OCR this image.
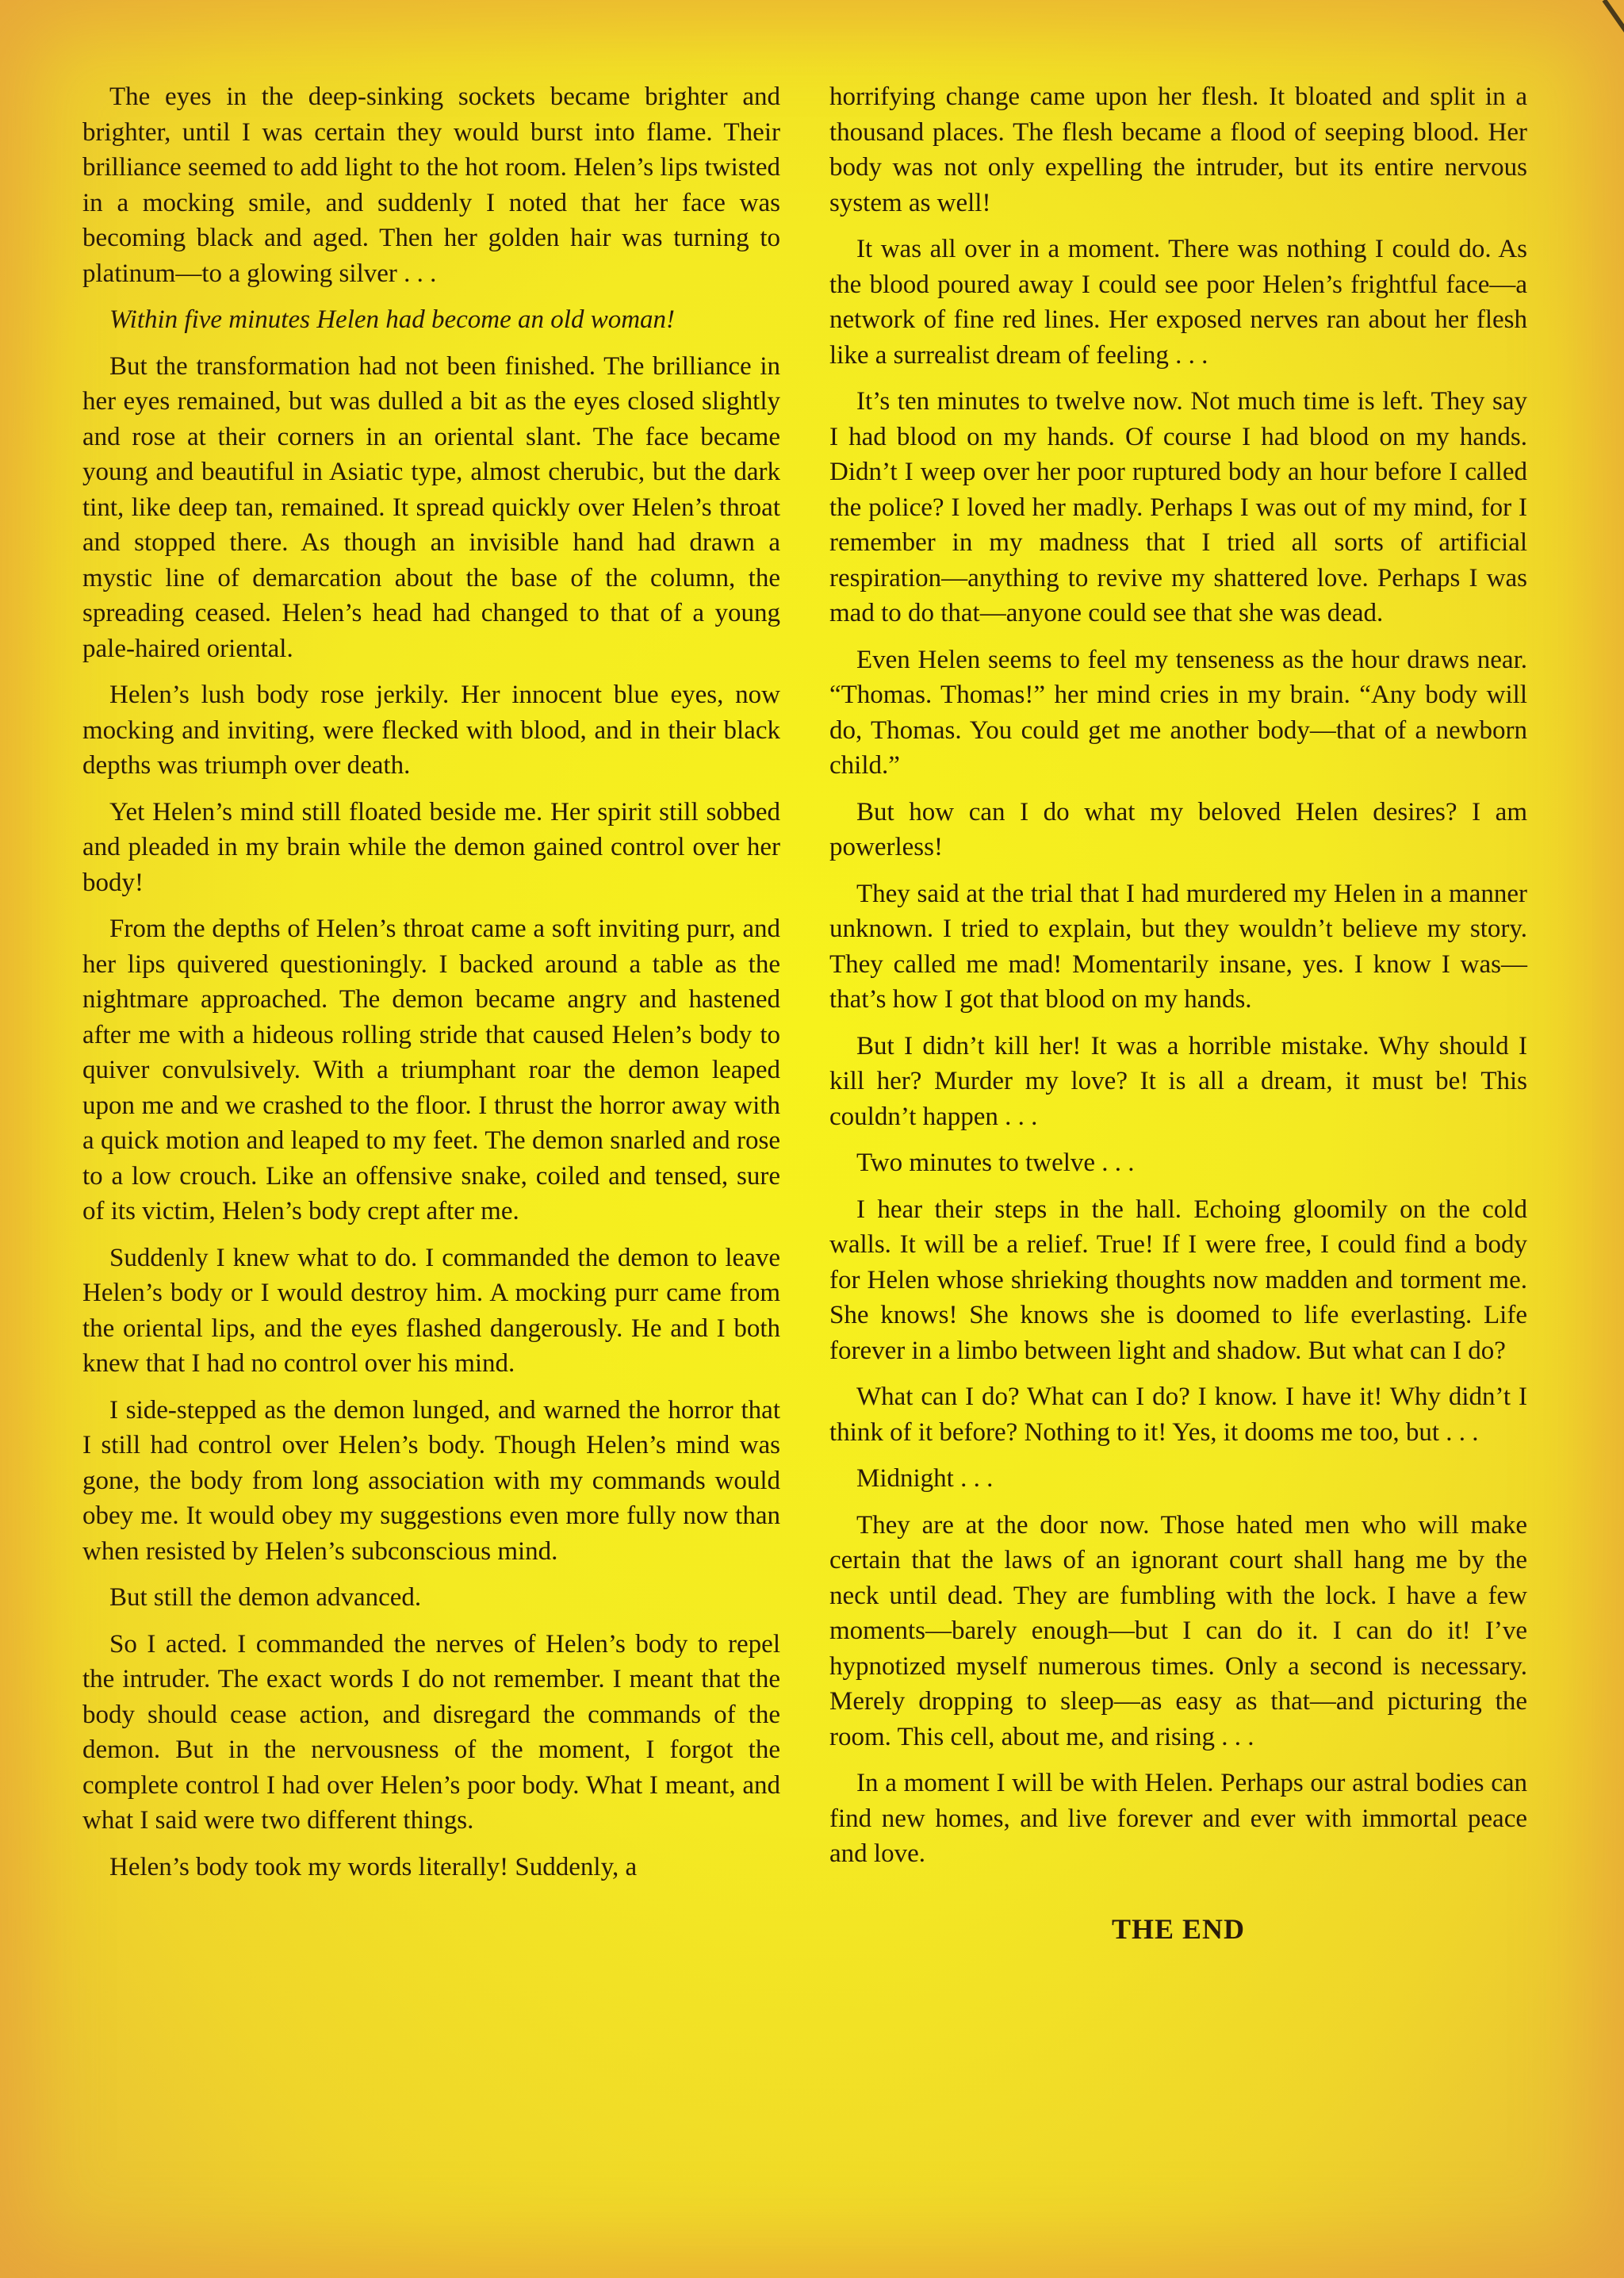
The eyes in the deep-sinking sockets became brighter and brighter, until I was certain they would burst into flame. Their brilliance seemed to add light to the hot room. Helen’s lips twisted in a mocking smile, and suddenly I noted that her face was becoming black and aged. Then her golden hair was turning to platinum—to a glowing silver . . .

Within five minutes Helen had become an old woman!

But the transformation had not been finished. The brilliance in her eyes remained, but was dulled a bit as the eyes closed slightly and rose at their corners in an oriental slant. The face became young and beautiful in Asiatic type, almost cherubic, but the dark tint, like deep tan, remained. It spread quickly over Helen’s throat and stopped there. As though an invisible hand had drawn a mystic line of demarcation about the base of the column, the spreading ceased. Helen’s head had changed to that of a young pale-haired oriental.

Helen’s lush body rose jerkily. Her innocent blue eyes, now mocking and inviting, were flecked with blood, and in their black depths was triumph over death.

Yet Helen’s mind still floated beside me. Her spirit still sobbed and pleaded in my brain while the demon gained control over her body!

From the depths of Helen’s throat came a soft inviting purr, and her lips quivered questioningly. I backed around a table as the nightmare approached. The demon became angry and hastened after me with a hideous rolling stride that caused Helen’s body to quiver convulsively. With a triumphant roar the demon leaped upon me and we crashed to the floor. I thrust the horror away with a quick motion and leaped to my feet. The demon snarled and rose to a low crouch. Like an offensive snake, coiled and tensed, sure of its victim, Helen’s body crept after me.

Suddenly I knew what to do. I commanded the demon to leave Helen’s body or I would destroy him. A mocking purr came from the oriental lips, and the eyes flashed dangerously. He and I both knew that I had no control over his mind.

I side-stepped as the demon lunged, and warned the horror that I still had control over Helen’s body. Though Helen’s mind was gone, the body from long association with my commands would obey me. It would obey my suggestions even more fully now than when resisted by Helen’s subconscious mind.

But still the demon advanced.

So I acted. I commanded the nerves of Helen’s body to repel the intruder. The exact words I do not remember. I meant that the body should cease action, and disregard the commands of the demon. But in the nervousness of the moment, I forgot the complete control I had over Helen’s poor body. What I meant, and what I said were two different things.

Helen’s body took my words literally! Suddenly, a

horrifying change came upon her flesh. It bloated and split in a thousand places. The flesh became a flood of seeping blood. Her body was not only expelling the intruder, but its entire nervous system as well!

It was all over in a moment. There was nothing I could do. As the blood poured away I could see poor Helen’s frightful face—a network of fine red lines. Her exposed nerves ran about her flesh like a surrealist dream of feeling . . .

It’s ten minutes to twelve now. Not much time is left. They say I had blood on my hands. Of course I had blood on my hands. Didn’t I weep over her poor ruptured body an hour before I called the police? I loved her madly. Perhaps I was out of my mind, for I remember in my madness that I tried all sorts of artificial respiration—anything to revive my shattered love. Perhaps I was mad to do that—anyone could see that she was dead.

Even Helen seems to feel my tenseness as the hour draws near. “Thomas. Thomas!” her mind cries in my brain. “Any body will do, Thomas. You could get me another body—that of a newborn child.”

But how can I do what my beloved Helen desires? I am powerless!

They said at the trial that I had murdered my Helen in a manner unknown. I tried to explain, but they wouldn’t believe my story. They called me mad! Momentarily insane, yes. I know I was—that’s how I got that blood on my hands.

But I didn’t kill her! It was a horrible mistake. Why should I kill her? Murder my love? It is all a dream, it must be! This couldn’t happen . . .

Two minutes to twelve . . .

I hear their steps in the hall. Echoing gloomily on the cold walls. It will be a relief. True! If I were free, I could find a body for Helen whose shrieking thoughts now madden and torment me. She knows! She knows she is doomed to life everlasting. Life forever in a limbo between light and shadow. But what can I do?

What can I do? What can I do? I know. I have it! Why didn’t I think of it before? Nothing to it! Yes, it dooms me too, but . . .

Midnight . . .

They are at the door now. Those hated men who will make certain that the laws of an ignorant court shall hang me by the neck until dead. They are fumbling with the lock. I have a few moments—barely enough—but I can do it. I can do it! I’ve hypnotized myself numerous times. Only a second is necessary. Merely dropping to sleep—as easy as that—and picturing the room. This cell, about me, and rising . . .

In a moment I will be with Helen. Perhaps our astral bodies can find new homes, and live forever and ever with immortal peace and love.

THE END
